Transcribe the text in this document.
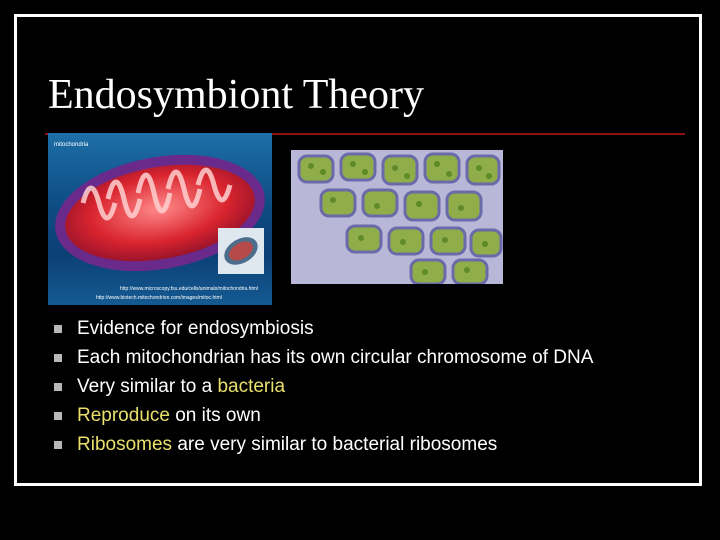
Endosymbiont Theory
mitochondria
http://www.microscopy.fsu.edu/cells/animals/mitochondria.html
http://www.biotech.mitochondrion.com/images/mitoc.html
Evidence for endosymbiosis
Each mitochondrian has its own circular chromosome of DNA
Very similar to a bacteria
Reproduce on its own
Ribosomes are very similar to bacterial ribosomes
